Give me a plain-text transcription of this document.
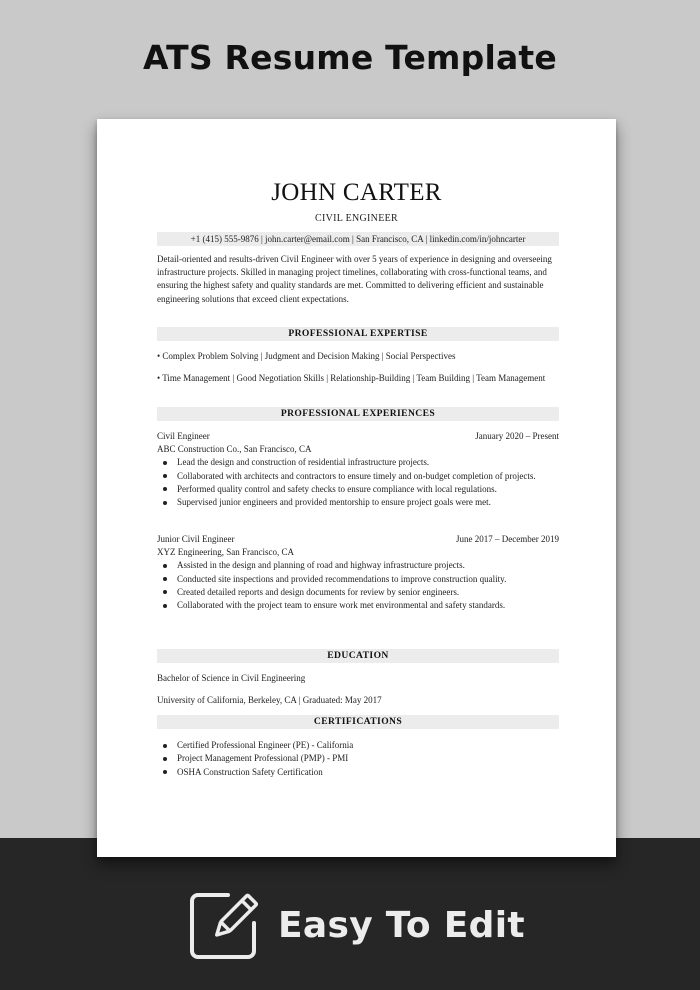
ATS Resume Template
Easy To Edit
JOHN CARTER
CIVIL ENGINEER
+1 (415) 555-9876 | john.carter@email.com | San Francisco, CA | linkedin.com/in/johncarter
Detail-oriented and results-driven Civil Engineer with over 5 years of experience in designing and overseeing infrastructure projects. Skilled in managing project timelines, collaborating with cross-functional teams, and ensuring the highest safety and quality standards are met. Committed to delivering efficient and sustainable engineering solutions that exceed client expectations.
PROFESSIONAL EXPERTISE
• Complex Problem Solving | Judgment and Decision Making | Social Perspectives
• Time Management | Good Negotiation Skills | Relationship-Building | Team Building | Team Management
PROFESSIONAL EXPERIENCES
Civil Engineer	January 2020 – Present
ABC Construction Co., San Francisco, CA
Lead the design and construction of residential infrastructure projects.
Collaborated with architects and contractors to ensure timely and on-budget completion of projects.
Performed quality control and safety checks to ensure compliance with local regulations.
Supervised junior engineers and provided mentorship to ensure project goals were met.
Junior Civil Engineer	June 2017 – December 2019
XYZ Engineering, San Francisco, CA
Assisted in the design and planning of road and highway infrastructure projects.
Conducted site inspections and provided recommendations to improve construction quality.
Created detailed reports and design documents for review by senior engineers.
Collaborated with the project team to ensure work met environmental and safety standards.
EDUCATION
Bachelor of Science in Civil Engineering
University of California, Berkeley, CA | Graduated: May 2017
CERTIFICATIONS
Certified Professional Engineer (PE) - California
Project Management Professional (PMP) - PMI
OSHA Construction Safety Certification
